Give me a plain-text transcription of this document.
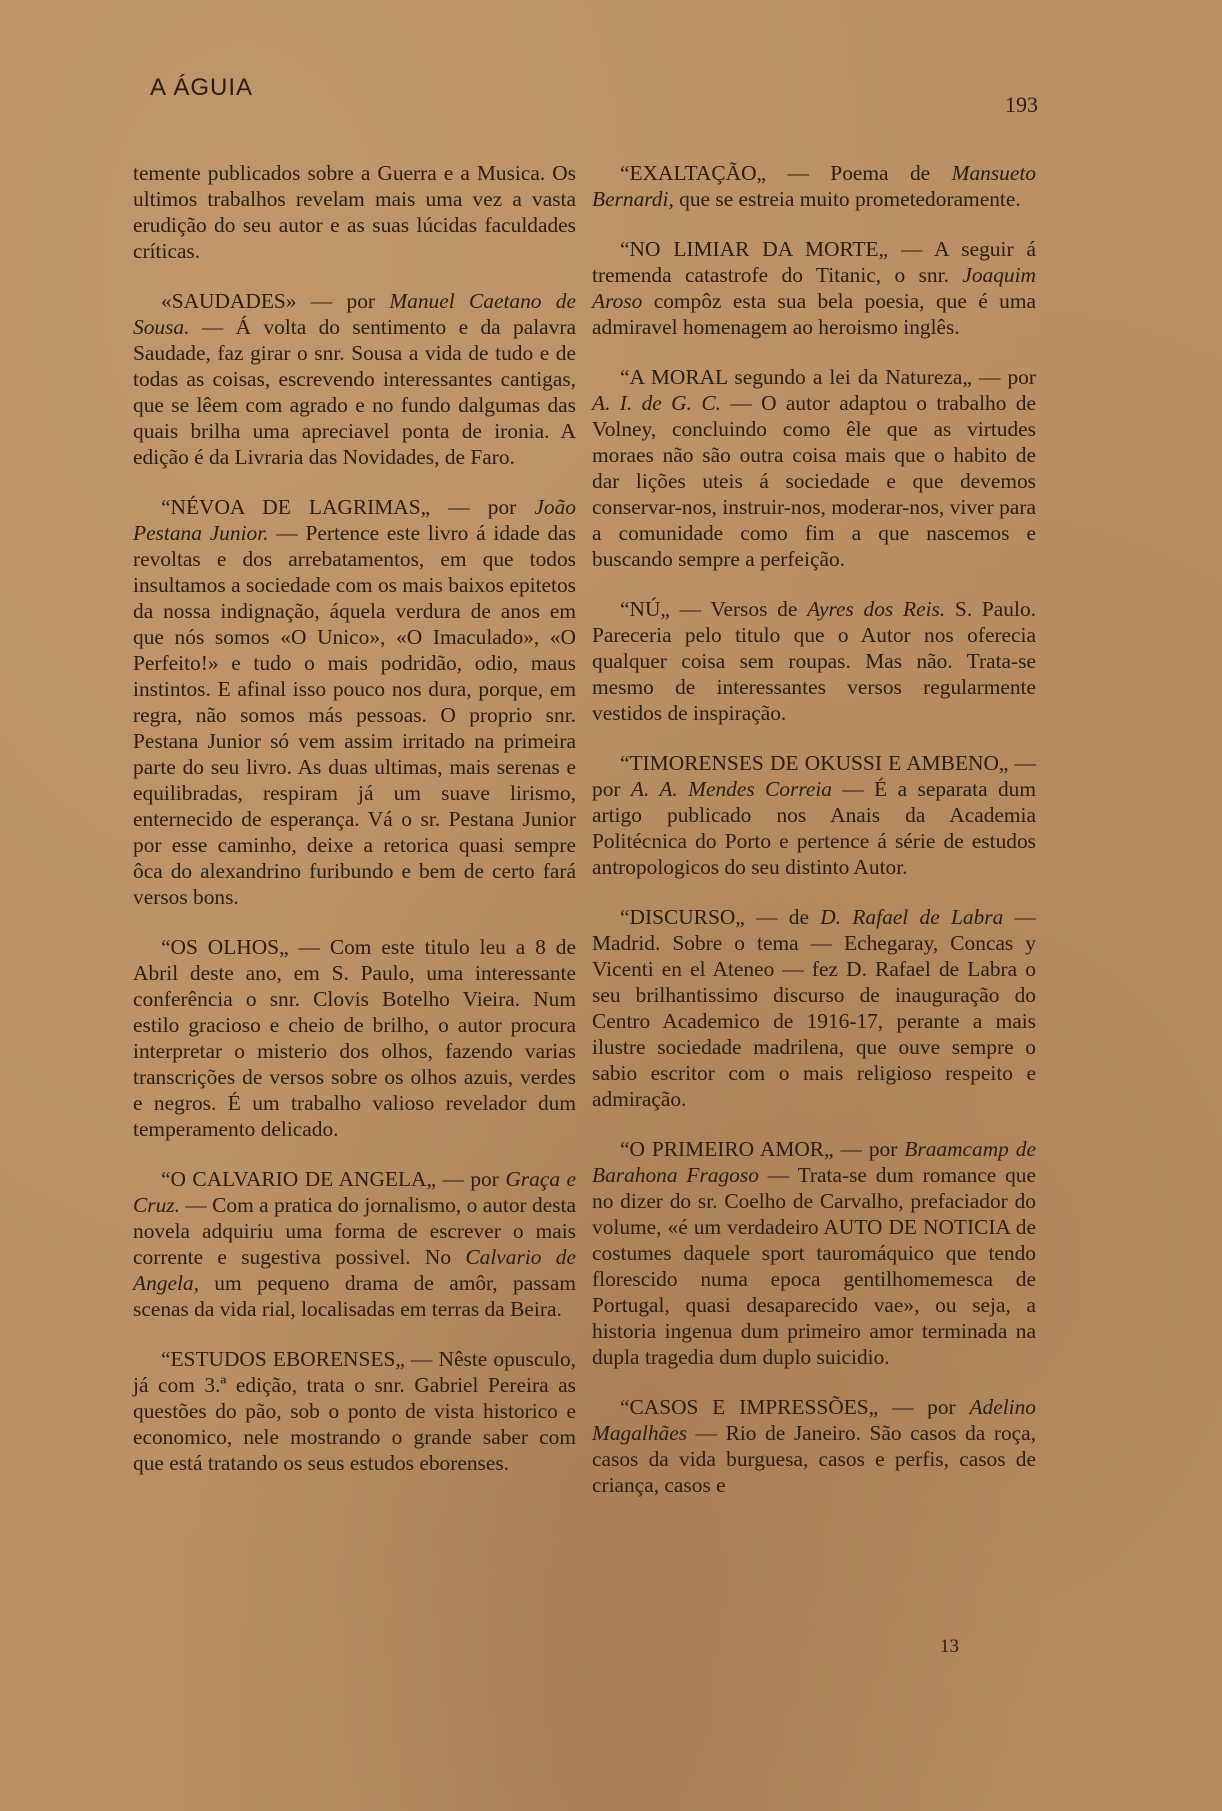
A ÁGUIA
193

temente publicados sobre a Guerra e a Musica. Os ultimos trabalhos revelam mais uma vez a vasta erudição do seu autor e as suas lúcidas faculdades críticas.

«SAUDADES» — por Manuel Caetano de Sousa. — Á volta do sentimento e da palavra Saudade, faz girar o snr. Sousa a vida de tudo e de todas as coisas, escrevendo interessantes cantigas, que se lêem com agrado e no fundo dalgumas das quais brilha uma apreciavel ponta de ironia. A edição é da Livraria das Novidades, de Faro.

“NÉVOA DE LAGRIMAS„ — por João Pestana Junior. — Pertence este livro á idade das revoltas e dos arrebatamentos, em que todos insultamos a sociedade com os mais baixos epitetos da nossa indignação, áquela verdura de anos em que nós somos «O Unico», «O Imaculado», «O Perfeito!» e tudo o mais podridão, odio, maus instintos. E afinal isso pouco nos dura, porque, em regra, não somos más pessoas. O proprio snr. Pestana Junior só vem assim irritado na primeira parte do seu livro. As duas ultimas, mais serenas e equilibradas, respiram já um suave lirismo, enternecido de esperança. Vá o sr. Pestana Junior por esse caminho, deixe a retorica quasi sempre ôca do alexandrino furibundo e bem de certo fará versos bons.

“OS OLHOS„ — Com este titulo leu a 8 de Abril deste ano, em S. Paulo, uma interessante conferência o snr. Clovis Botelho Vieira. Num estilo gracioso e cheio de brilho, o autor procura interpretar o misterio dos olhos, fazendo varias transcrições de versos sobre os olhos azuis, verdes e negros. É um trabalho valioso revelador dum temperamento delicado.

“O CALVARIO DE ANGELA„ — por Graça e Cruz. — Com a pratica do jornalismo, o autor desta novela adquiriu uma forma de escrever o mais corrente e sugestiva possivel. No Calvario de Angela, um pequeno drama de amôr, passam scenas da vida rial, localisadas em terras da Beira.

“ESTUDOS EBORENSES„ — Nêste opusculo, já com 3.ª edição, trata o snr. Gabriel Pereira as questões do pão, sob o ponto de vista historico e economico, nele mostrando o grande saber com que está tratando os seus estudos eborenses.

“EXALTAÇÃO„ — Poema de Mansueto Bernardi, que se estreia muito prometedoramente.

“NO LIMIAR DA MORTE„ — A seguir á tremenda catastrofe do Titanic, o snr. Joaquim Aroso compôz esta sua bela poesia, que é uma admiravel homenagem ao heroismo inglês.

“A MORAL segundo a lei da Natureza„ — por A. I. de G. C. — O autor adaptou o trabalho de Volney, concluindo como êle que as virtudes moraes não são outra coisa mais que o habito de dar lições uteis á sociedade e que devemos conservar-nos, instruir-nos, moderar-nos, viver para a comunidade como fim a que nascemos e buscando sempre a perfeição.

“NÚ„ — Versos de Ayres dos Reis. S. Paulo. Pareceria pelo titulo que o Autor nos oferecia qualquer coisa sem roupas. Mas não. Trata-se mesmo de interessantes versos regularmente vestidos de inspiração.

“TIMORENSES DE OKUSSI E AMBENO„ — por A. A. Mendes Correia — É a separata dum artigo publicado nos Anais da Academia Politécnica do Porto e pertence á série de estudos antropologicos do seu distinto Autor.

“DISCURSO„ — de D. Rafael de Labra — Madrid. Sobre o tema — Echegaray, Concas y Vicenti en el Ateneo — fez D. Rafael de Labra o seu brilhantissimo discurso de inauguração do Centro Academico de 1916-17, perante a mais ilustre sociedade madrilena, que ouve sempre o sabio escritor com o mais religioso respeito e admiração.

“O PRIMEIRO AMOR„ — por Braamcamp de Barahona Fragoso — Trata-se dum romance que no dizer do sr. Coelho de Carvalho, prefaciador do volume, «é um verdadeiro AUTO DE NOTICIA de costumes daquele sport tauromáquico que tendo florescido numa epoca gentilhomemesca de Portugal, quasi desaparecido vae», ou seja, a historia ingenua dum primeiro amor terminada na dupla tragedia dum duplo suicidio.

“CASOS E IMPRESSÕES„ — por Adelino Magalhães — Rio de Janeiro. São casos da roça, casos da vida burguesa, casos e perfis, casos de criança, casos e

13
